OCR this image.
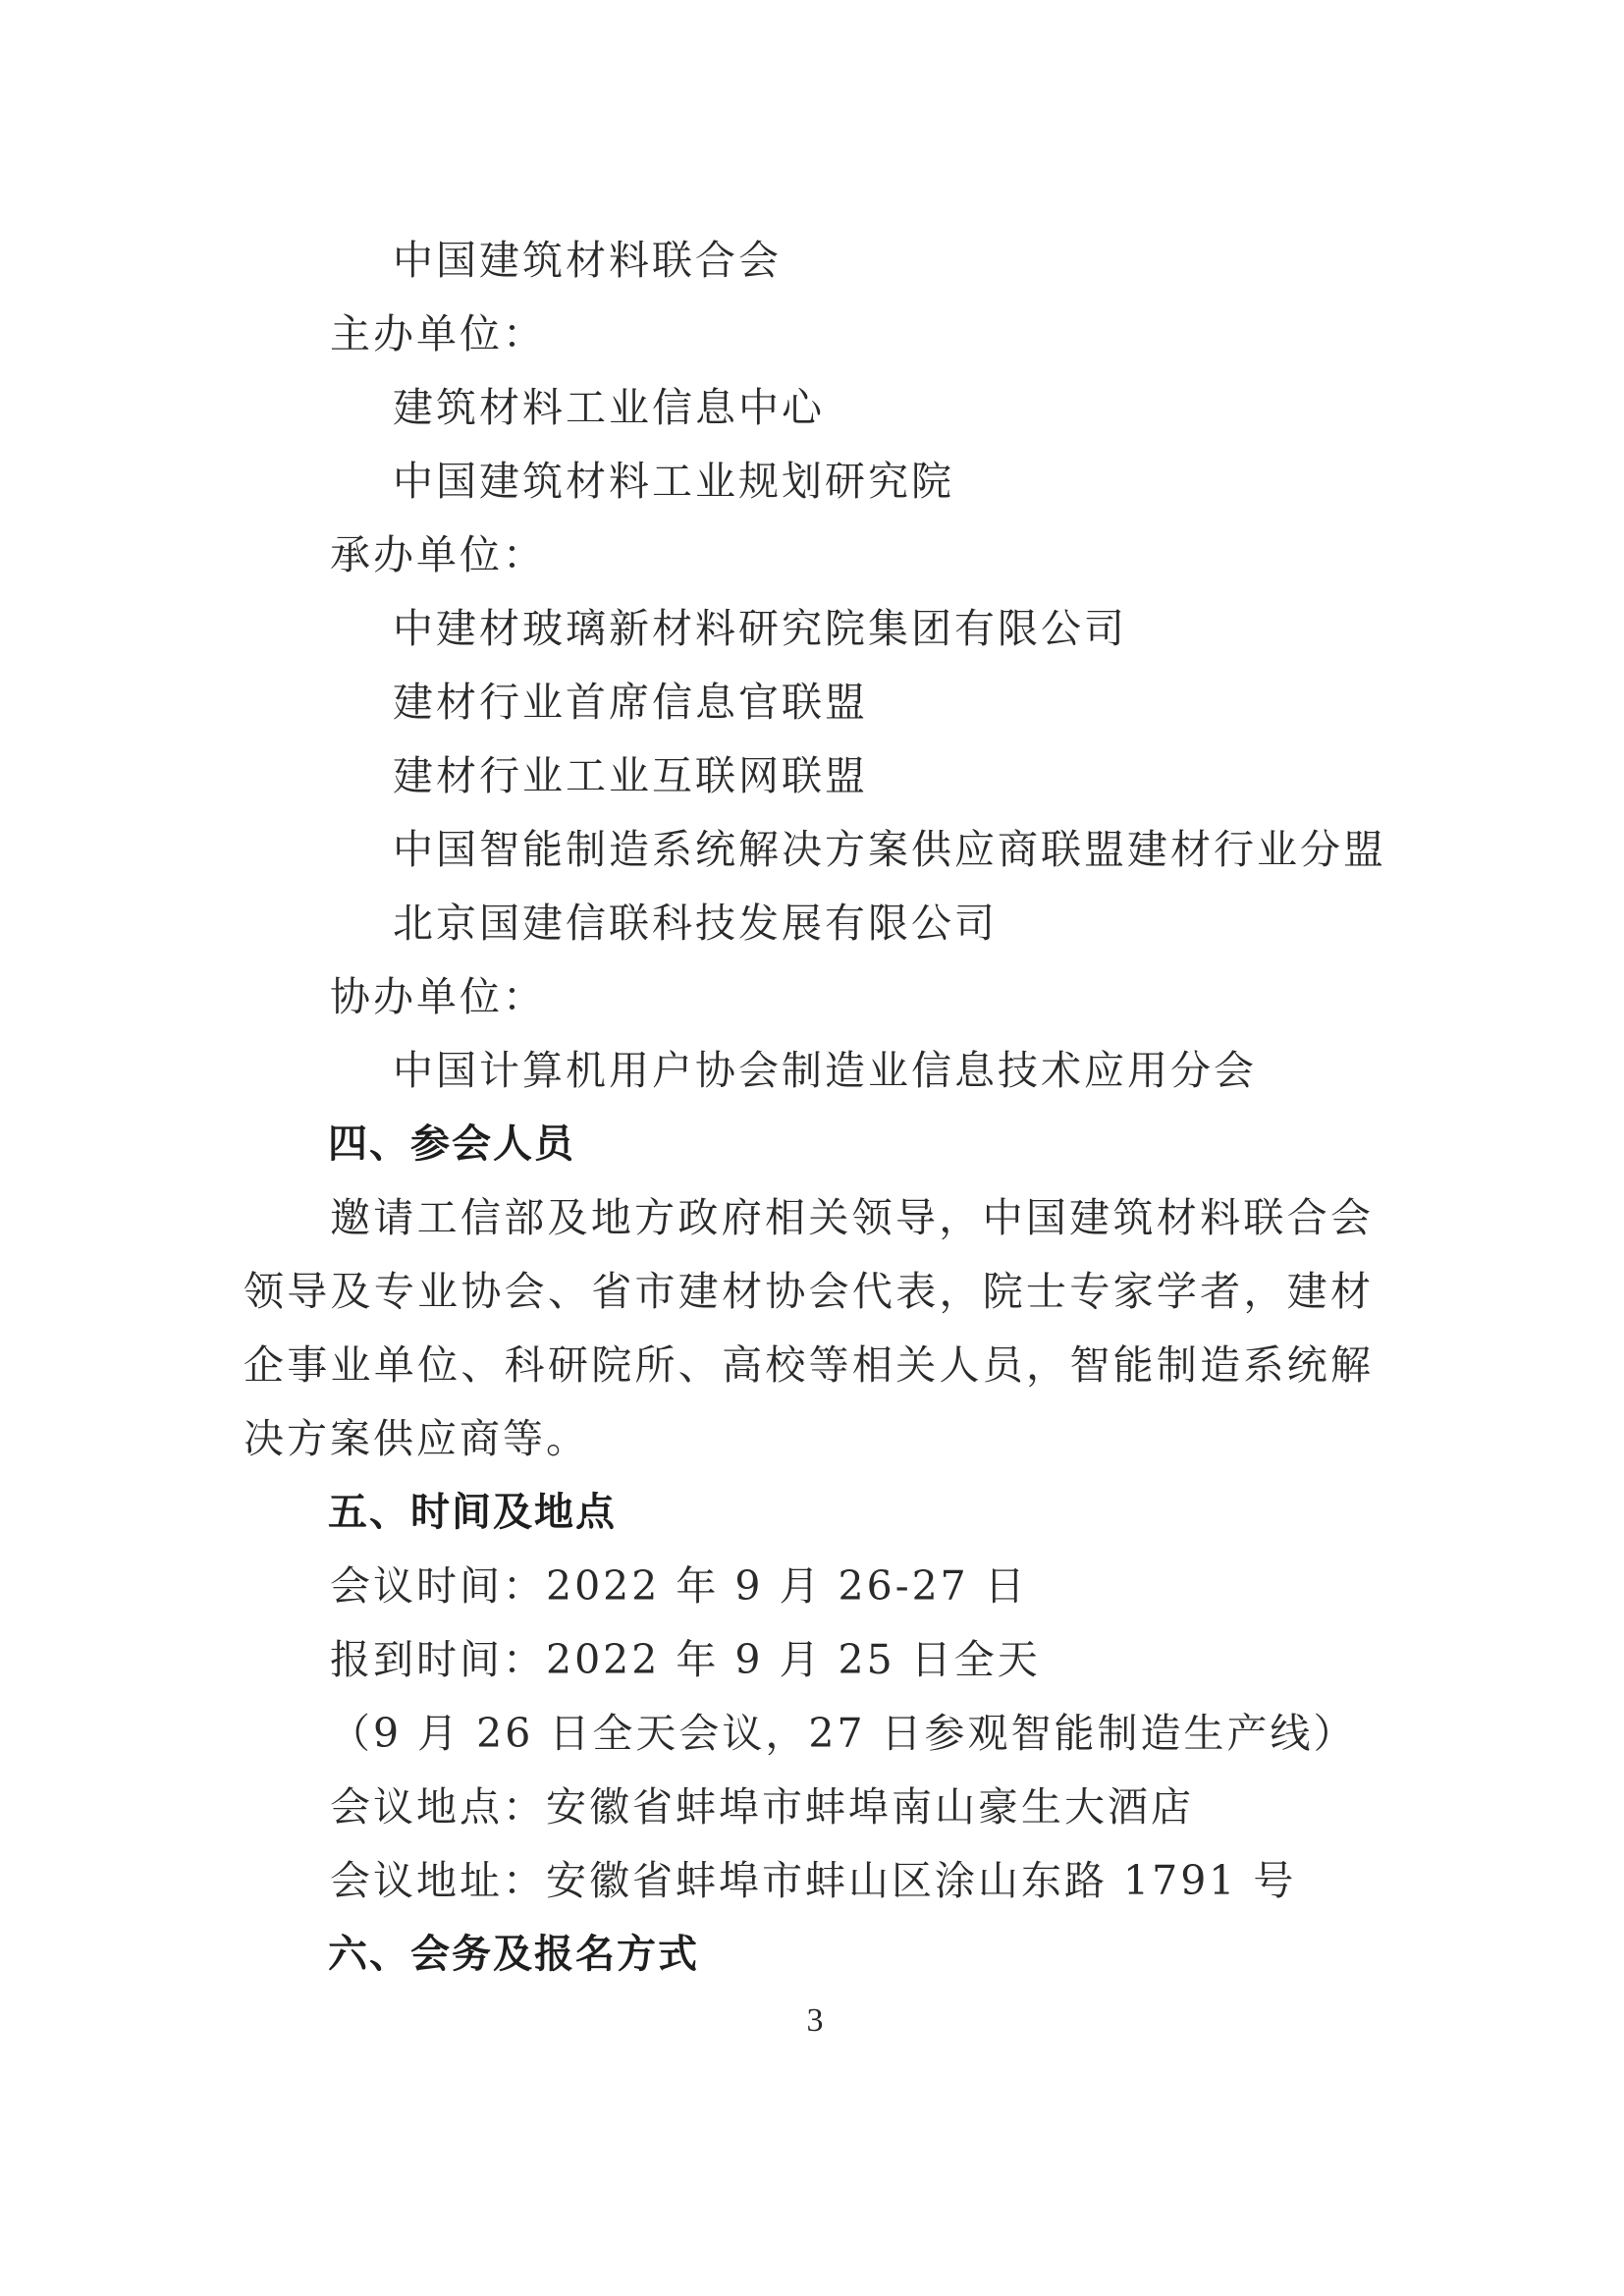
中国建筑材料联合会
主办单位：
建筑材料工业信息中心
中国建筑材料工业规划研究院
承办单位：
中建材玻璃新材料研究院集团有限公司
建材行业首席信息官联盟
建材行业工业互联网联盟
中国智能制造系统解决方案供应商联盟建材行业分盟
北京国建信联科技发展有限公司
协办单位：
中国计算机用户协会制造业信息技术应用分会
四、参会人员
邀请工信部及地方政府相关领导，中国建筑材料联合会
领导及专业协会、省市建材协会代表，院士专家学者，建材
企事业单位、科研院所、高校等相关人员，智能制造系统解
决方案供应商等。
五、时间及地点
会议时间：2022 年 9 月 26-27 日
报到时间：2022 年 9 月 25 日全天
（9 月 26 日全天会议，27 日参观智能制造生产线）
会议地点：安徽省蚌埠市蚌埠南山豪生大酒店
会议地址：安徽省蚌埠市蚌山区涂山东路 1791 号
六、会务及报名方式
3
